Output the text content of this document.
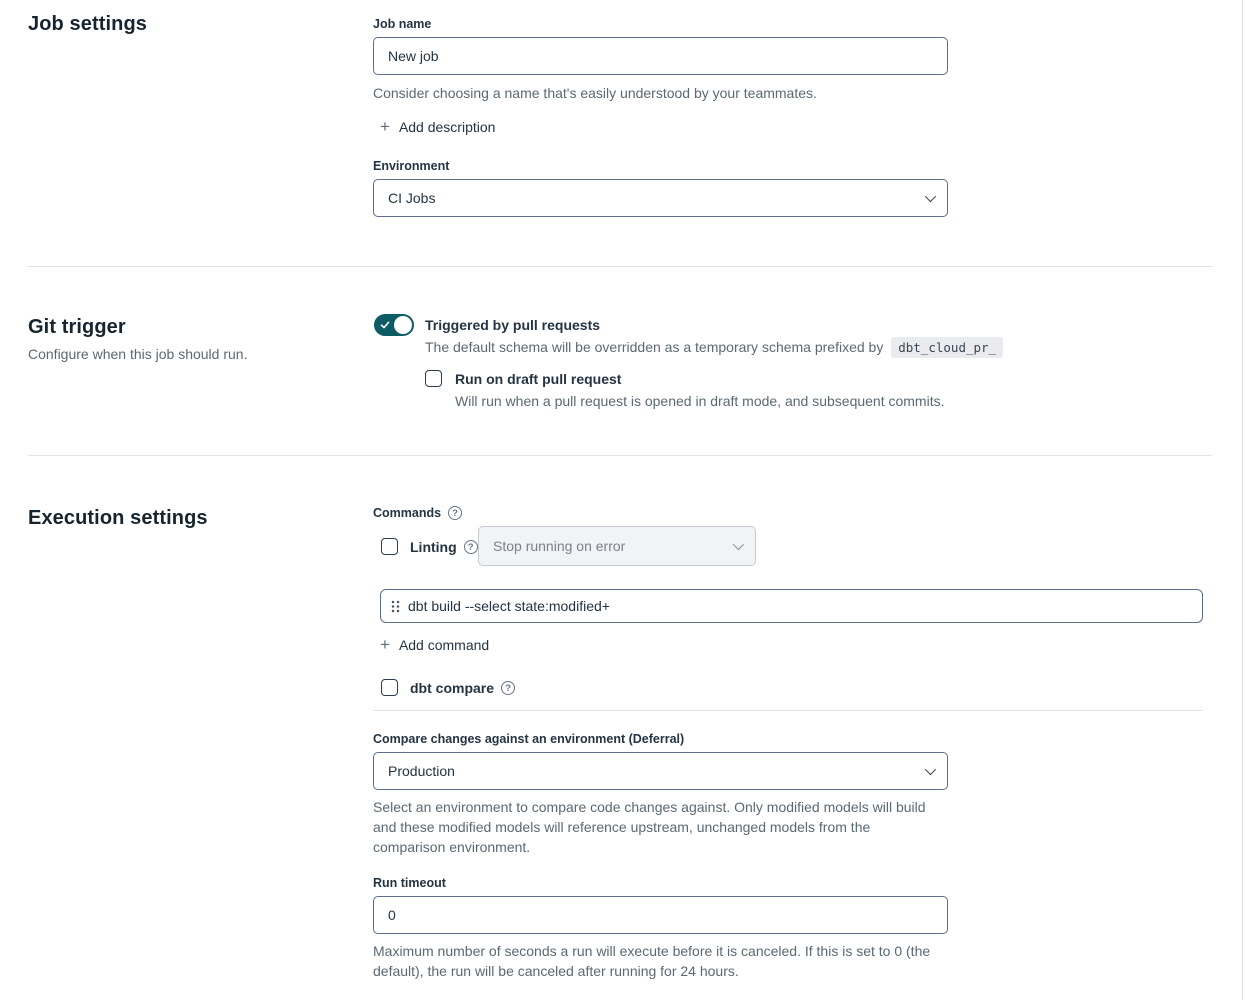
Job settings	Job name
New job
Consider choosing a name that's easily understood by your teammates.
+ Add description
Environment
CI Jobs
Git trigger
Configure when this job should run.

Triggered by pull requests
The default schema will be overridden as a temporary schema prefixed by dbt_cloud_pr_
Run on draft pull request
Will run when a pull request is opened in draft mode, and subsequent commits.
Execution settings	Commands	?
Linting	? Stop running on error
dbt build --select state:modified+
+ Add command
dbt compare	?
Compare changes against an environment (Deferral)
Production
Select an environment to compare code changes against. Only modified models will build and these modified models will reference upstream, unchanged models from the comparison environment.
Run timeout
0
Maximum number of seconds a run will execute before it is canceled. If this is set to 0 (the default), the run will be canceled after running for 24 hours.
